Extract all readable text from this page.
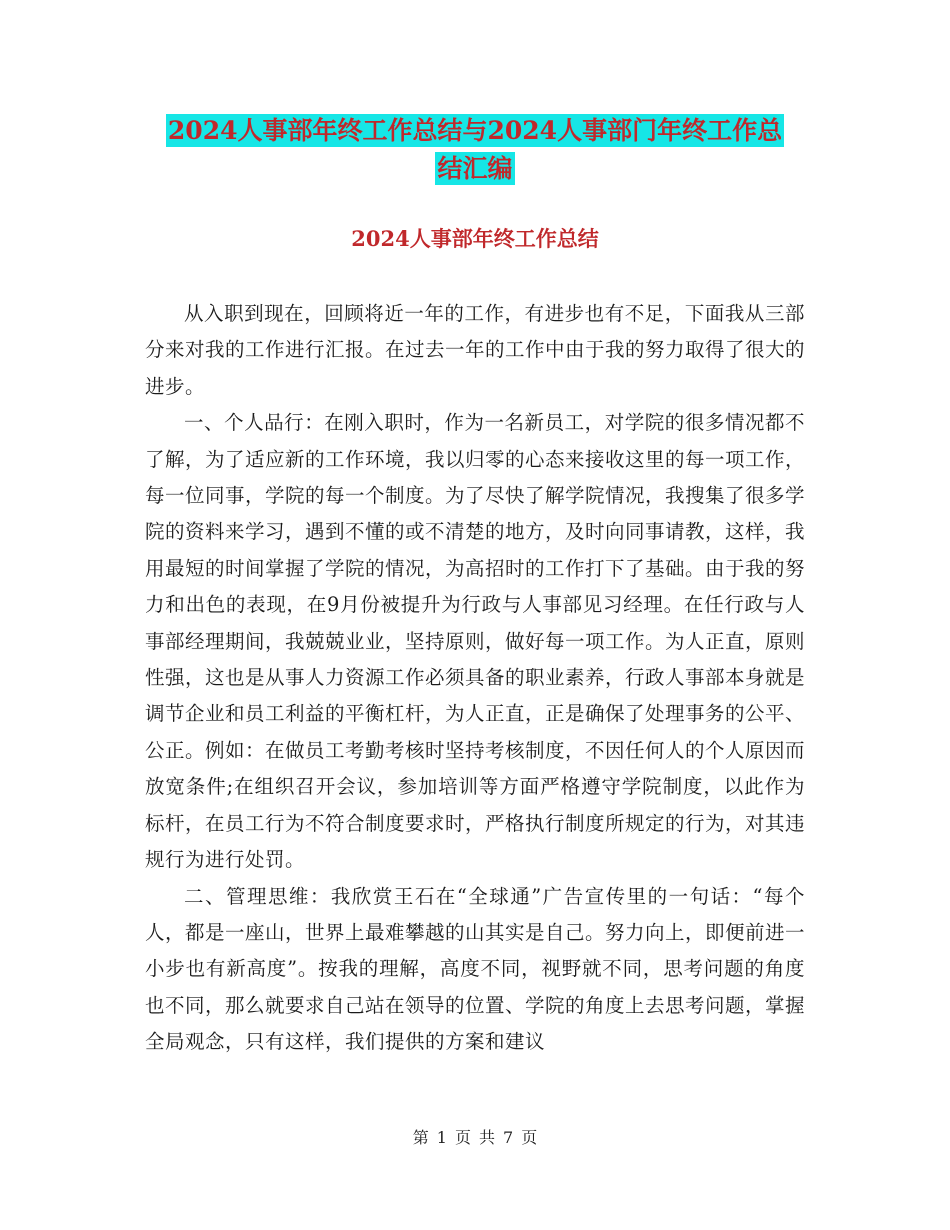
2024人事部年终工作总结与2024人事部门年终工作总
结汇编
2024人事部年终工作总结

从入职到现在，回顾将近一年的工作，有进步也有不足，下面我从三部分来对我的工作进行汇报。在过去一年的工作中由于我的努力取得了很大的进步。

一、个人品行：在刚入职时，作为一名新员工，对学院的很多情况都不了解，为了适应新的工作环境，我以归零的心态来接收这里的每一项工作，每一位同事，学院的每一个制度。为了尽快了解学院情况，我搜集了很多学院的资料来学习，遇到不懂的或不清楚的地方，及时向同事请教，这样，我用最短的时间掌握了学院的情况，为高招时的工作打下了基础。由于我的努力和出色的表现，在9月份被提升为行政与人事部见习经理。在任行政与人事部经理期间，我兢兢业业，坚持原则，做好每一项工作。为人正直，原则性强，这也是从事人力资源工作必须具备的职业素养，行政人事部本身就是调节企业和员工利益的平衡杠杆，为人正直，正是确保了处理事务的公平、公正。例如：在做员工考勤考核时坚持考核制度，不因任何人的个人原因而放宽条件;在组织召开会议，参加培训等方面严格遵守学院制度，以此作为标杆，在员工行为不符合制度要求时，严格执行制度所规定的行为，对其违规行为进行处罚。

二、管理思维：我欣赏王石在“全球通”广告宣传里的一句话：“每个人，都是一座山，世界上最难攀越的山其实是自己。努力向上，即便前进一小步也有新高度”。按我的理解，高度不同，视野就不同，思考问题的角度也不同，那么就要求自己站在领导的位置、学院的角度上去思考问题，掌握全局观念，只有这样，我们提供的方案和建议

第 1 页 共 7 页
